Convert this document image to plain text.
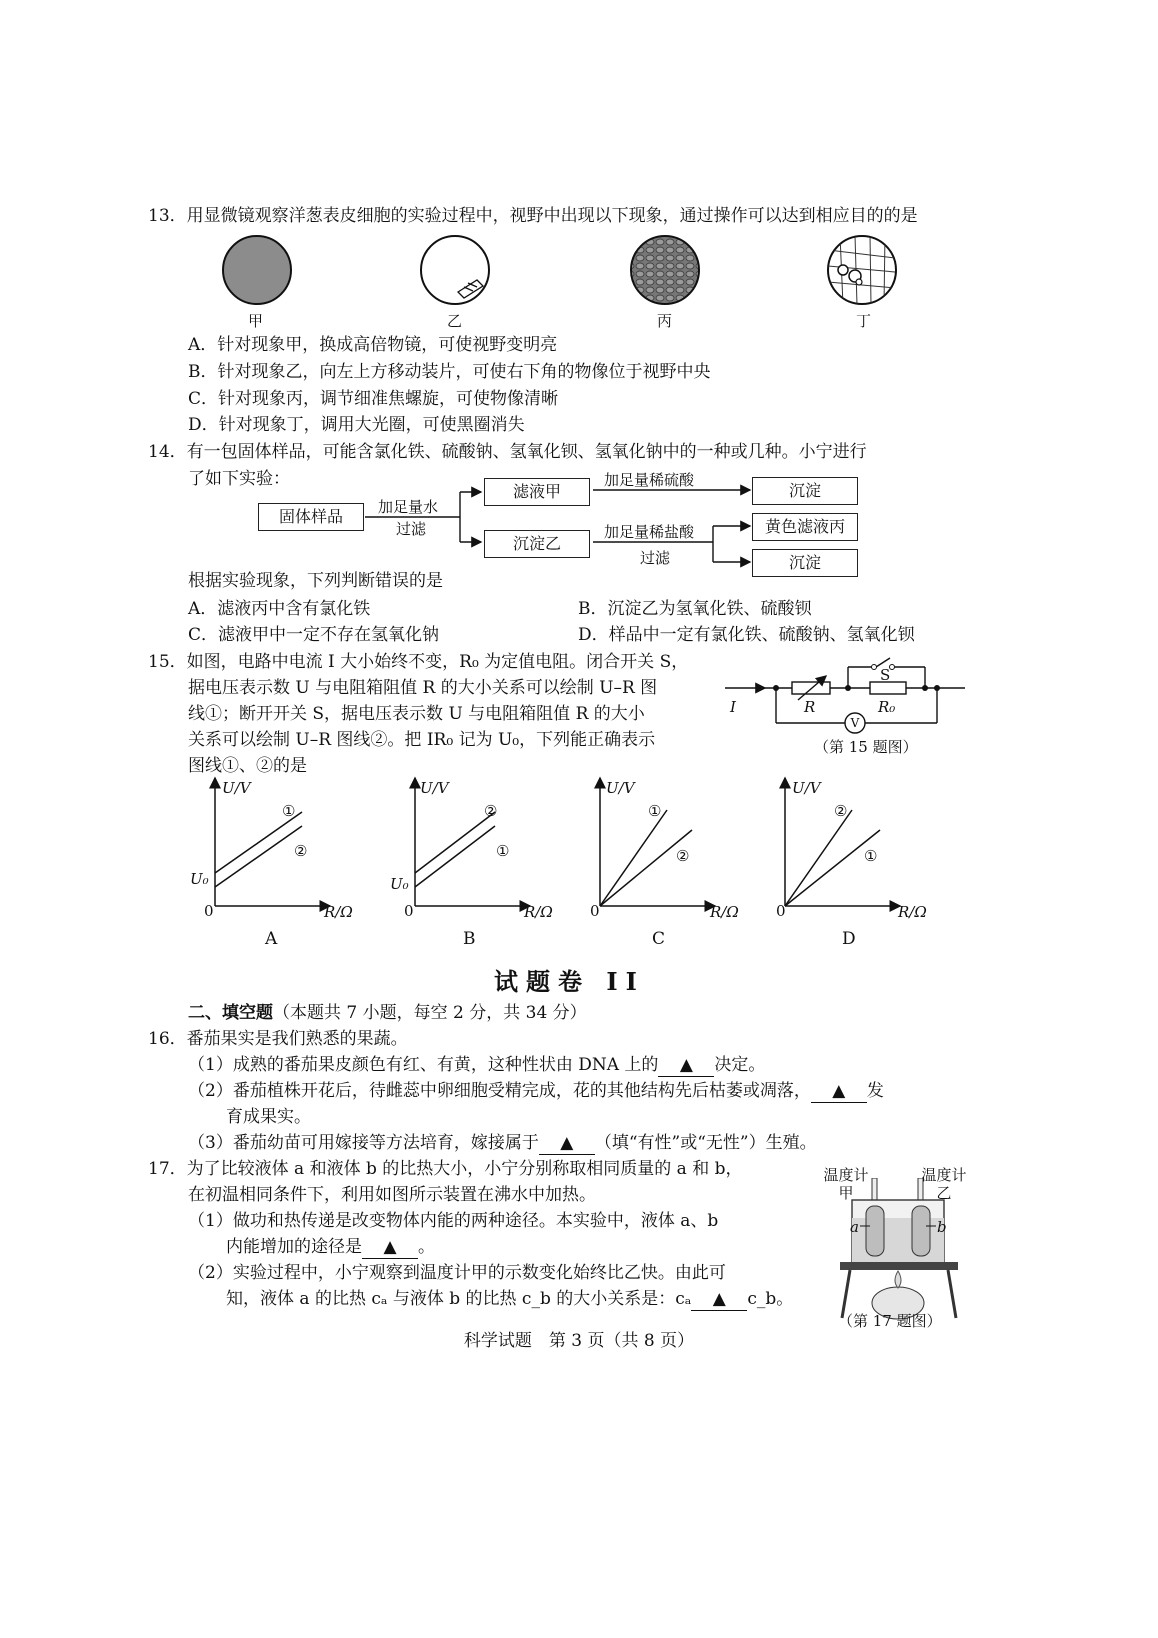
13．用显微镜观察洋葱表皮细胞的实验过程中，视野中出现以下现象，通过操作可以达到相应目的的是
甲	乙	丙	丁
A．针对现象甲，换成高倍物镜，可使视野变明亮
B．针对现象乙，向左上方移动装片，可使右下角的物像位于视野中央
C．针对现象丙，调节细准焦螺旋，可使物像清晰
D．针对现象丁，调用大光圈，可使黑圈消失
14．有一包固体样品，可能含氯化铁、硫酸钠、氢氧化钡、氢氧化钠中的一种或几种。小宁进行
了如下实验：
固体样品	加足量水
过滤
滤液甲
加足量稀硫酸
沉淀
沉淀乙
加足量稀盐酸
过滤
黄色滤液丙
沉淀
根据实验现象，下列判断错误的是
A．滤液丙中含有氯化铁	B．沉淀乙为氢氧化铁、硫酸钡
C．滤液甲中一定不存在氢氧化钠	D．样品中一定有氯化铁、硫酸钠、氢氧化钡
15．如图，电路中电流 I 大小始终不变，R₀ 为定值电阻。闭合开关 S，
据电压表示数 U 与电阻箱阻值 R 的大小关系可以绘制 U–R 图
线①；断开开关 S，据电压表示数 U 与电阻箱阻值 R 的大小
关系可以绘制 U–R 图线②。把 IR₀ 记为 U₀，下列能正确表示
图线①、②的是
I	R	R₀
S
V
（第 15 题图）
U/V
R/Ω
0
U₀
①
②
A
U/V
R/Ω
0
U₀
②
①
B
U/V
R/Ω
0
①
②
C
U/V
R/Ω
0
②
①
D
试题卷 II
二、填空题（本题共 7 小题，每空 2 分，共 34 分）
16．番茄果实是我们熟悉的果蔬。
（1）成熟的番茄果皮颜色有红、有黄，这种性状由 DNA 上的 ▲ 决定。
（2）番茄植株开花后，待雌蕊中卵细胞受精完成，花的其他结构先后枯萎或凋落， ▲ 发
育成果实。
（3）番茄幼苗可用嫁接等方法培育，嫁接属于 ▲ （填“有性”或“无性”）生殖。
17．为了比较液体 a 和液体 b 的比热大小，小宁分别称取相同质量的 a 和 b，
在初温相同条件下，利用如图所示装置在沸水中加热。
（1）做功和热传递是改变物体内能的两种途径。本实验中，液体 a、b
内能增加的途径是 ▲ 。
（2）实验过程中，小宁观察到温度计甲的示数变化始终比乙快。由此可
知，液体 a 的比热 cₐ 与液体 b 的比热 c_b 的大小关系是：cₐ ▲ c_b。
温度计
甲
温度计
乙
a	b
（第 17 题图）
科学试题　第 3 页（共 8 页）
